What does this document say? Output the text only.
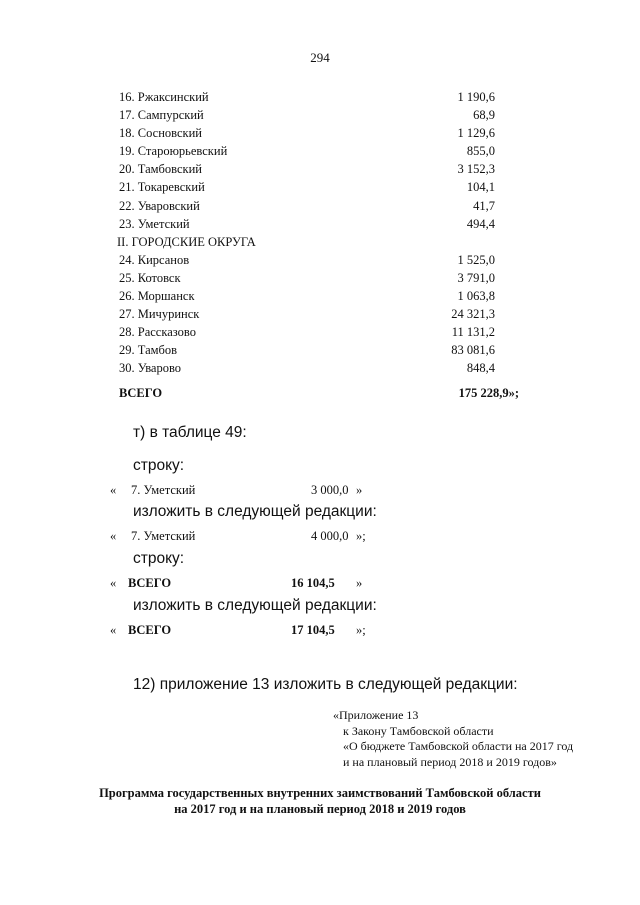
294
16. Ржаксинский	1 190,6
17. Сампурский	68,9
18. Сосновский	1 129,6
19. Староюрьевский	855,0
20. Тамбовский	3 152,3
21. Токаревский	104,1
22. Уваровский	41,7
23. Уметский	494,4
II. ГОРОДСКИЕ ОКРУГА
24. Кирсанов	1 525,0
25. Котовск	3 791,0
26. Моршанск	1 063,8
27. Мичуринск	24 321,3
28. Рассказово	11 131,2
29. Тамбов	83 081,6
30. Уварово	848,4
ВСЕГО	175 228,9»;
т) в таблице 49:
строку:
« 7. Уметский	3 000,0 »
изложить в следующей редакции:
« 7. Уметский	4 000,0 »;
строку:
« ВСЕГО	16 104,5 »
изложить в следующей редакции:
« ВСЕГО	17 104,5 »;
12) приложение 13 изложить в следующей редакции:
«Приложение 13
к Закону Тамбовской области
«О бюджете Тамбовской области на 2017 год
и на плановый период 2018 и 2019 годов»
Программа государственных внутренних заимствований Тамбовской области
на 2017 год и на плановый период 2018 и 2019 годов
